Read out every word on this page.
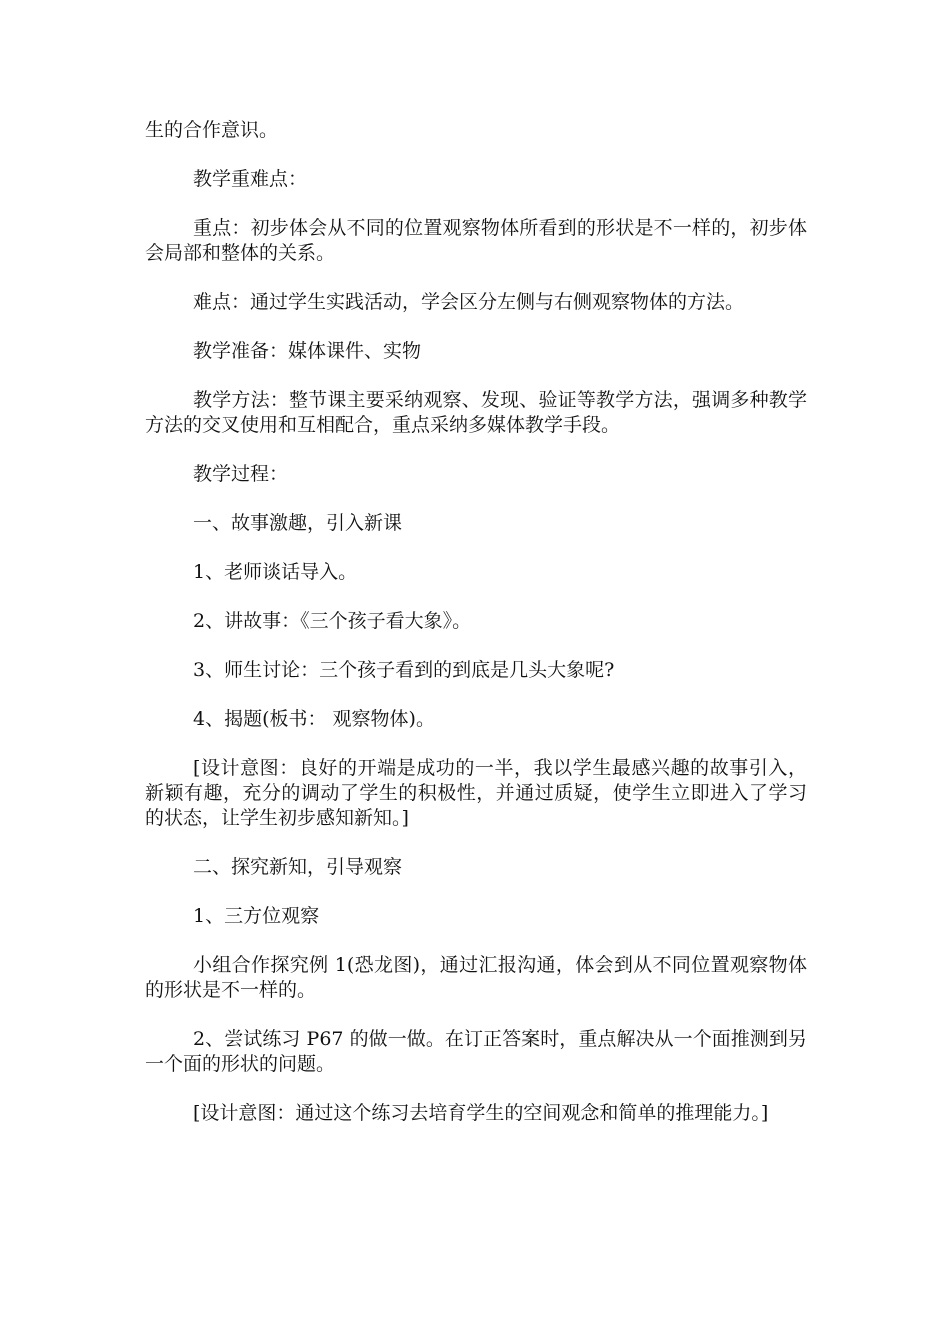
生的合作意识。

教学重难点：

重点：初步体会从不同的位置观察物体所看到的形状是不一样的，初步体会局部和整体的关系。

难点：通过学生实践活动，学会区分左侧与右侧观察物体的方法。

教学准备：媒体课件、实物

教学方法：整节课主要采纳观察、发现、验证等教学方法，强调多种教学方法的交叉使用和互相配合，重点采纳多媒体教学手段。

教学过程：

一、故事激趣，引入新课

1、老师谈话导入。

2、讲故事：《三个孩子看大象》。

3、师生讨论：三个孩子看到的到底是几头大象呢?

4、揭题(板书： 观察物体)。

[设计意图：良好的开端是成功的一半，我以学生最感兴趣的故事引入，新颖有趣，充分的调动了学生的积极性，并通过质疑，使学生立即进入了学习的状态，让学生初步感知新知。]

二、探究新知，引导观察

1、三方位观察

小组合作探究例 1(恐龙图)，通过汇报沟通，体会到从不同位置观察物体的形状是不一样的。

2、尝试练习 P67 的做一做。在订正答案时，重点解决从一个面推测到另一个面的形状的问题。

[设计意图：通过这个练习去培育学生的空间观念和简单的推理能力。]
